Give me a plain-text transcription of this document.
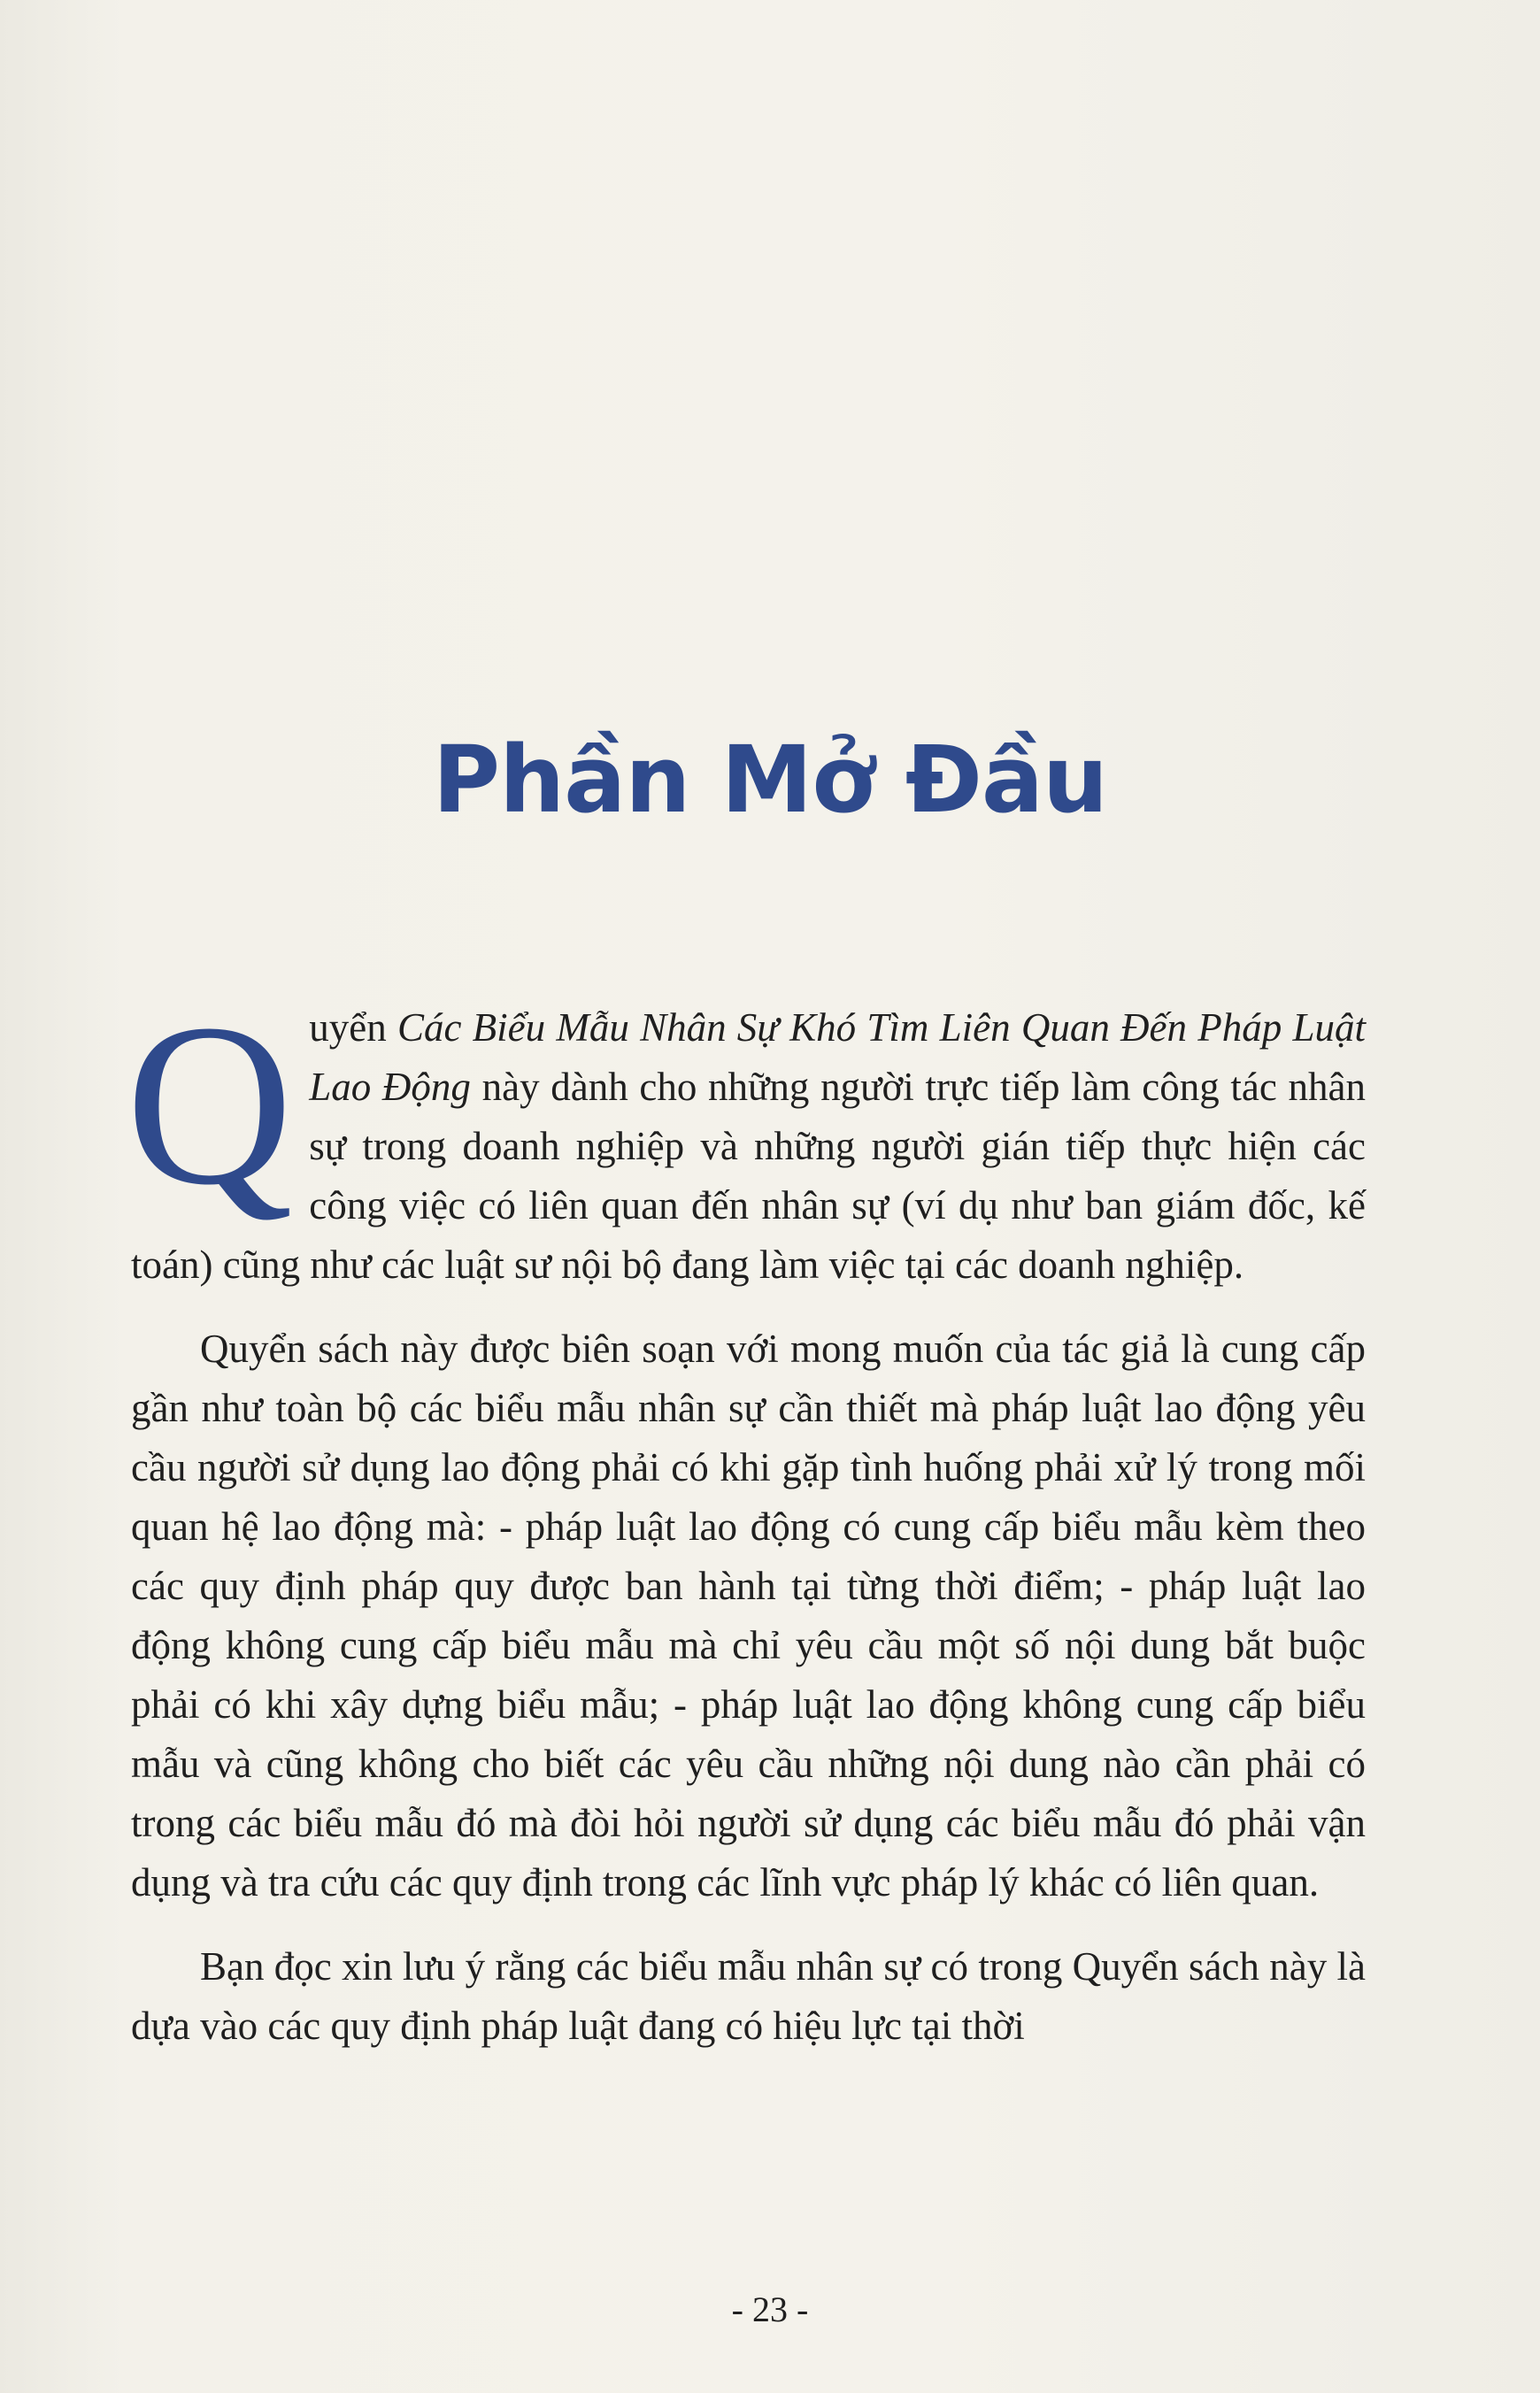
Phần Mở Đầu

Quyển Các Biểu Mẫu Nhân Sự Khó Tìm Liên Quan Đến Pháp Luật Lao Động này dành cho những người trực tiếp làm công tác nhân sự trong doanh nghiệp và những người gián tiếp thực hiện các công việc có liên quan đến nhân sự (ví dụ như ban giám đốc, kế toán) cũng như các luật sư nội bộ đang làm việc tại các doanh nghiệp.

Quyển sách này được biên soạn với mong muốn của tác giả là cung cấp gần như toàn bộ các biểu mẫu nhân sự cần thiết mà pháp luật lao động yêu cầu người sử dụng lao động phải có khi gặp tình huống phải xử lý trong mối quan hệ lao động mà: - pháp luật lao động có cung cấp biểu mẫu kèm theo các quy định pháp quy được ban hành tại từng thời điểm; - pháp luật lao động không cung cấp biểu mẫu mà chỉ yêu cầu một số nội dung bắt buộc phải có khi xây dựng biểu mẫu; - pháp luật lao động không cung cấp biểu mẫu và cũng không cho biết các yêu cầu những nội dung nào cần phải có trong các biểu mẫu đó mà đòi hỏi người sử dụng các biểu mẫu đó phải vận dụng và tra cứu các quy định trong các lĩnh vực pháp lý khác có liên quan.

Bạn đọc xin lưu ý rằng các biểu mẫu nhân sự có trong Quyển sách này là dựa vào các quy định pháp luật đang có hiệu lực tại thời

- 23 -
